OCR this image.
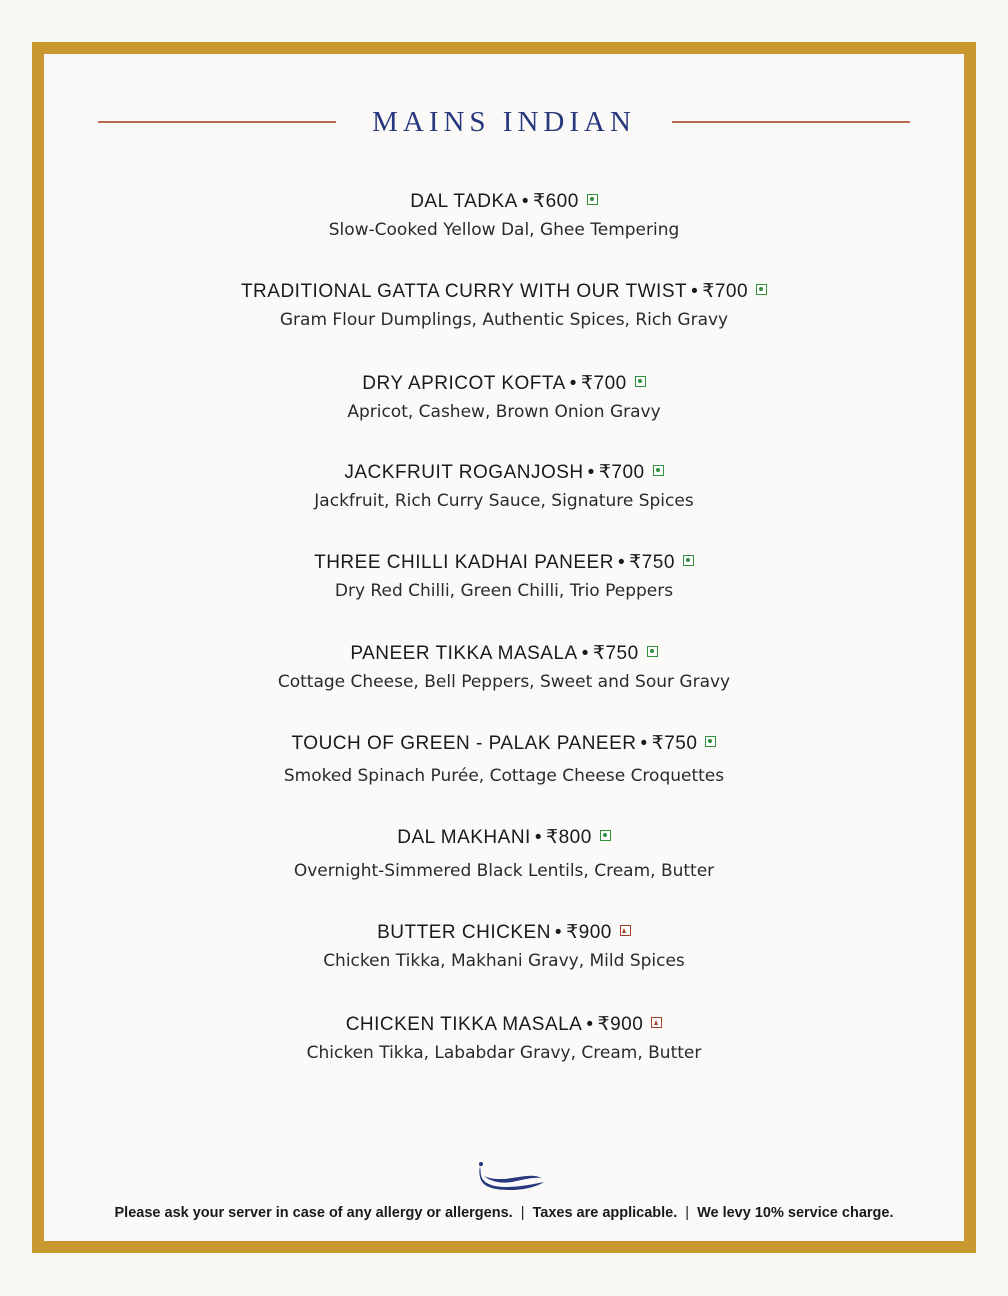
MAINS INDIAN
DAL TADKA • ₹600
Slow-Cooked Yellow Dal, Ghee Tempering
TRADITIONAL GATTA CURRY WITH OUR TWIST • ₹700
Gram Flour Dumplings, Authentic Spices, Rich Gravy
DRY APRICOT KOFTA • ₹700
Apricot, Cashew, Brown Onion Gravy
JACKFRUIT ROGANJOSH • ₹700
Jackfruit, Rich Curry Sauce, Signature Spices
THREE CHILLI KADHAI PANEER • ₹750
Dry Red Chilli, Green Chilli, Trio Peppers
PANEER TIKKA MASALA • ₹750
Cottage Cheese, Bell Peppers, Sweet and Sour Gravy
TOUCH OF GREEN - PALAK PANEER • ₹750
Smoked Spinach Purée, Cottage Cheese Croquettes
DAL MAKHANI • ₹800
Overnight-Simmered Black Lentils, Cream, Butter
BUTTER CHICKEN • ₹900
Chicken Tikka, Makhani Gravy, Mild Spices
CHICKEN TIKKA MASALA • ₹900
Chicken Tikka, Lababdar Gravy, Cream, Butter
Please ask your server in case of any allergy or allergens. | Taxes are applicable. | We levy 10% service charge.
